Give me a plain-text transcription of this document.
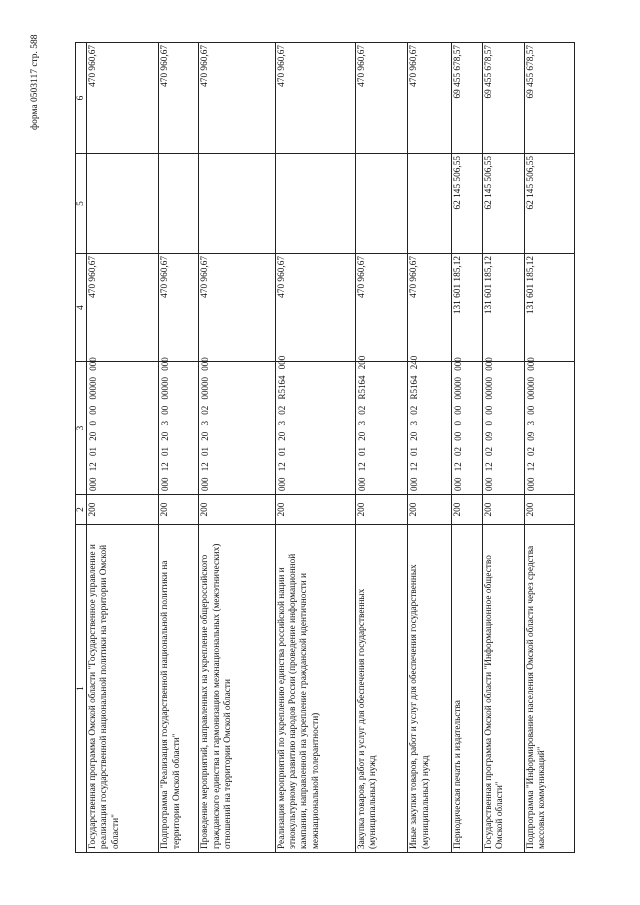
форма 0503117 стр. 588
1	2	3	4	5	6
Государственная программа Омской области "Государственное управление и реализация государственной национальной политики на территории Омской области"	200	000 12 01 20 0 00 00000 000	470 960,67		470 960,67
Подпрограмма "Реализация государственной национальной политики на территории Омской области"	200	000 12 01 20 3 00 00000 000	470 960,67		470 960,67
Проведение мероприятий, направленных на укрепление общероссийского гражданского единства и гармонизацию межнациональных (межэтнических) отношений на территории Омской области	200	000 12 01 20 3 02 00000 000	470 960,67		470 960,67
Реализация мероприятий по укреплению единства российской нации и этнокультурному развитию народов России (проведение информационной кампании, направленной на укрепление гражданской идентичности и межнациональной толерантности)	200	000 12 01 20 3 02 R5164 000	470 960,67		470 960,67
Закупка товаров, работ и услуг для обеспечения государственных (муниципальных) нужд	200	000 12 01 20 3 02 R5164 200	470 960,67		470 960,67
Иные закупки товаров, работ и услуг для обеспечения государственных (муниципальных) нужд	200	000 12 01 20 3 02 R5164 240	470 960,67		470 960,67
Периодическая печать и издательства	200	000 12 02 00 0 00 00000 000	131 601 185,12	62 145 506,55	69 455 678,57
Государственная программа Омской области "Информационное общество Омской области"	200	000 12 02 09 0 00 00000 000	131 601 185,12	62 145 506,55	69 455 678,57
Подпрограмма "Информирование населения Омской области через средства массовых коммуникаций"	200	000 12 02 09 3 00 00000 000	131 601 185,12	62 145 506,55	69 455 678,57
